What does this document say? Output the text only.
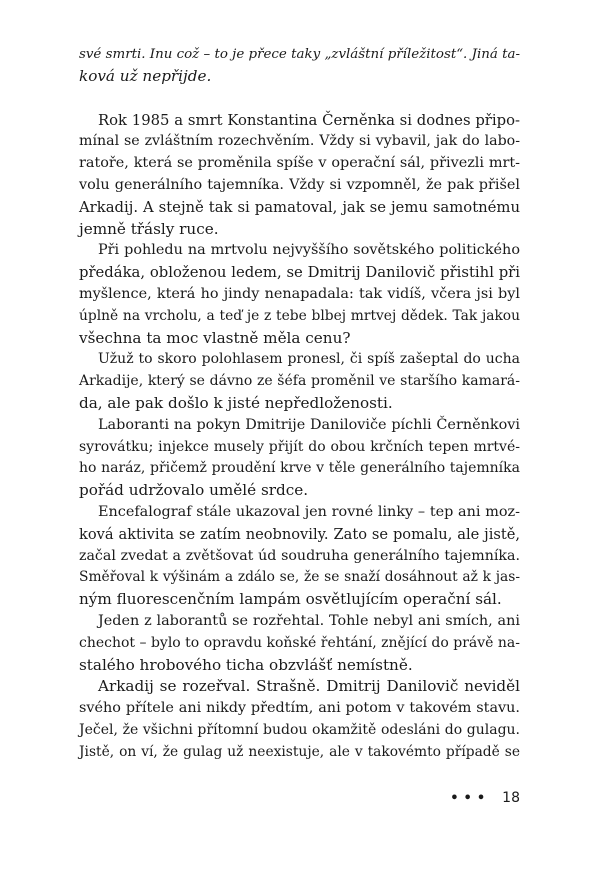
své smrti. Inu což – to je přece taky „zvláštní příležitost“. Jiná ta-
ková už nepřijde.
Rok 1985 a smrt Konstantina Černěnka si dodnes připo-
mínal se zvláštním rozechvěním. Vždy si vybavil, jak do labo-
ratoře, která se proměnila spíše v operační sál, přivezli mrt-
volu generálního tajemníka. Vždy si vzpomněl, že pak přišel
Arkadij. A stejně tak si pamatoval, jak se jemu samotnému
jemně třásly ruce.
Při pohledu na mrtvolu nejvyššího sovětského politického
předáka, obloženou ledem, se Dmitrij Danilovič přistihl při
myšlence, která ho jindy nenapadala: tak vidíš, včera jsi byl
úplně na vrcholu, a teď je z tebe blbej mrtvej dědek. Tak jakou
všechna ta moc vlastně měla cenu?
Užuž to skoro polohlasem pronesl, či spíš zašeptal do ucha
Arkadije, který se dávno ze šéfa proměnil ve staršího kamará-
da, ale pak došlo k jisté nepředloženosti.
Laboranti na pokyn Dmitrije Daniloviče píchli Černěnkovi
syrovátku; injekce musely přijít do obou krčních tepen mrtvé-
ho naráz, přičemž proudění krve v těle generálního tajemníka
pořád udržovalo umělé srdce.
Encefalograf stále ukazoval jen rovné linky – tep ani moz-
ková aktivita se zatím neobnovily. Zato se pomalu, ale jistě,
začal zvedat a zvětšovat úd soudruha generálního tajemníka.
Směřoval k výšinám a zdálo se, že se snaží dosáhnout až k jas-
ným fluorescenčním lampám osvětlujícím operační sál.
Jeden z laborantů se rozřehtal. Tohle nebyl ani smích, ani
chechot – bylo to opravdu koňské řehtání, znějící do právě na-
stalého hrobového ticha obzvlášť nemístně.
Arkadij se rozeřval. Strašně. Dmitrij Danilovič neviděl
svého přítele ani nikdy předtím, ani potom v takovém stavu.
Ječel, že všichni přítomní budou okamžitě odesláni do gulagu.
Jistě, on ví, že gulag už neexistuje, ale v takovémto případě se
••• 18
